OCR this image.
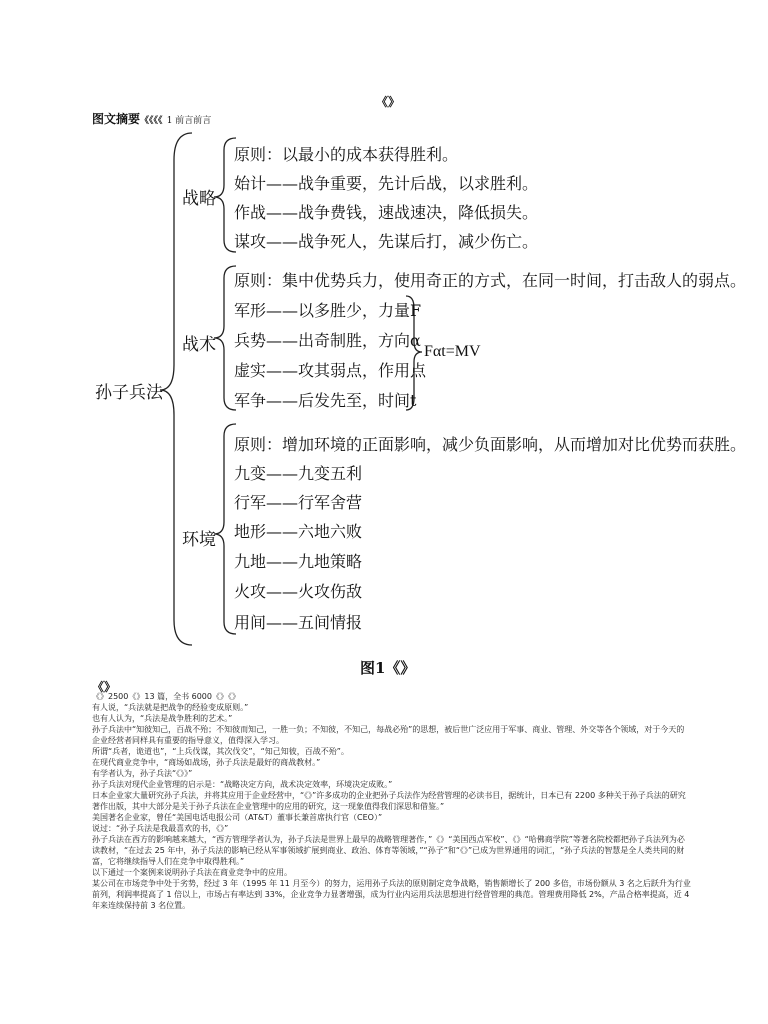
《》
图文摘要《《《《 1 前言前言
孙子兵法
战略
原则：以最小的成本获得胜利。
始计——战争重要，先计后战，以求胜利。
作战——战争费钱，速战速决，降低损失。
谋攻——战争死人，先谋后打，减少伤亡。
战术
原则：集中优势兵力，使用奇正的方式，在同一时间，打击敌人的弱点。
军形——以多胜少，力量F
兵势——出奇制胜，方向α
虚实——攻其弱点，作用点
军争——后发先至，时间t
Fαt=MV
环境
原则：增加环境的正面影响，减少负面影响，从而增加对比优势而获胜。
九变——九变五利
行军——行军舍营
地形——六地六败
九地——九地策略
火攻——火攻伤敌
用间——五间情报
图1《》
《》

《》2500《》13 篇，全书 6000《》《》

有人说，“兵法就是把战争的经验变成原则。”

也有人认为，“兵法是战争胜利的艺术。”

孙子兵法中“知彼知己，百战不殆；不知彼而知己，一胜一负；不知彼，不知己，每战必殆”的思想，被后世广泛应用于军事、商业、管理、外交等各个领域，对于今天的企业经营者同样具有重要的指导意义，值得深入学习。

所谓“兵者，诡道也”，“上兵伐谋，其次伐交”，“知己知彼，百战不殆”。

在现代商业竞争中，“商场如战场，孙子兵法是最好的商战教材。”

有学者认为，孙子兵法“《》》”

孙子兵法对现代企业管理的启示是：“战略决定方向，战术决定效率，环境决定成败。”

日本企业家大量研究孙子兵法，并将其应用于企业经营中，“《》”许多成功的企业把孙子兵法作为经营管理的必读书目，据统计，日本已有 2200 多种关于孙子兵法的研究著作出版，其中大部分是关于孙子兵法在企业管理中的应用的研究，这一现象值得我们深思和借鉴。”

美国著名企业家，曾任“美国电话电报公司（AT&T）董事长兼首席执行官（CEO）”

说过：“孙子兵法是我最喜欢的书，《》”

孙子兵法在西方的影响越来越大，“西方管理学者认为，孙子兵法是世界上最早的战略管理著作，”《》“美国西点军校”、《》“哈佛商学院”等著名院校都把孙子兵法列为必读教材，“在过去 25 年中，孙子兵法的影响已经从军事领域扩展到商业、政治、体育等领域，”“孙子”和“《》”已成为世界通用的词汇，“孙子兵法的智慧是全人类共同的财富，它将继续指导人们在竞争中取得胜利。”

以下通过一个案例来说明孙子兵法在商业竞争中的应用。

某公司在市场竞争中处于劣势，经过 3 年（1995 年 11 月至今）的努力，运用孙子兵法的原则制定竞争战略，销售额增长了 200 多倍，市场份额从 3 名之后跃升为行业前列，利润率提高了 1 倍以上，市场占有率达到 33%，企业竞争力显著增强，成为行业内运用兵法思想进行经营管理的典范。管理费用降低 2%，产品合格率提高，近 4 年来连续保持前 3 名位置。
